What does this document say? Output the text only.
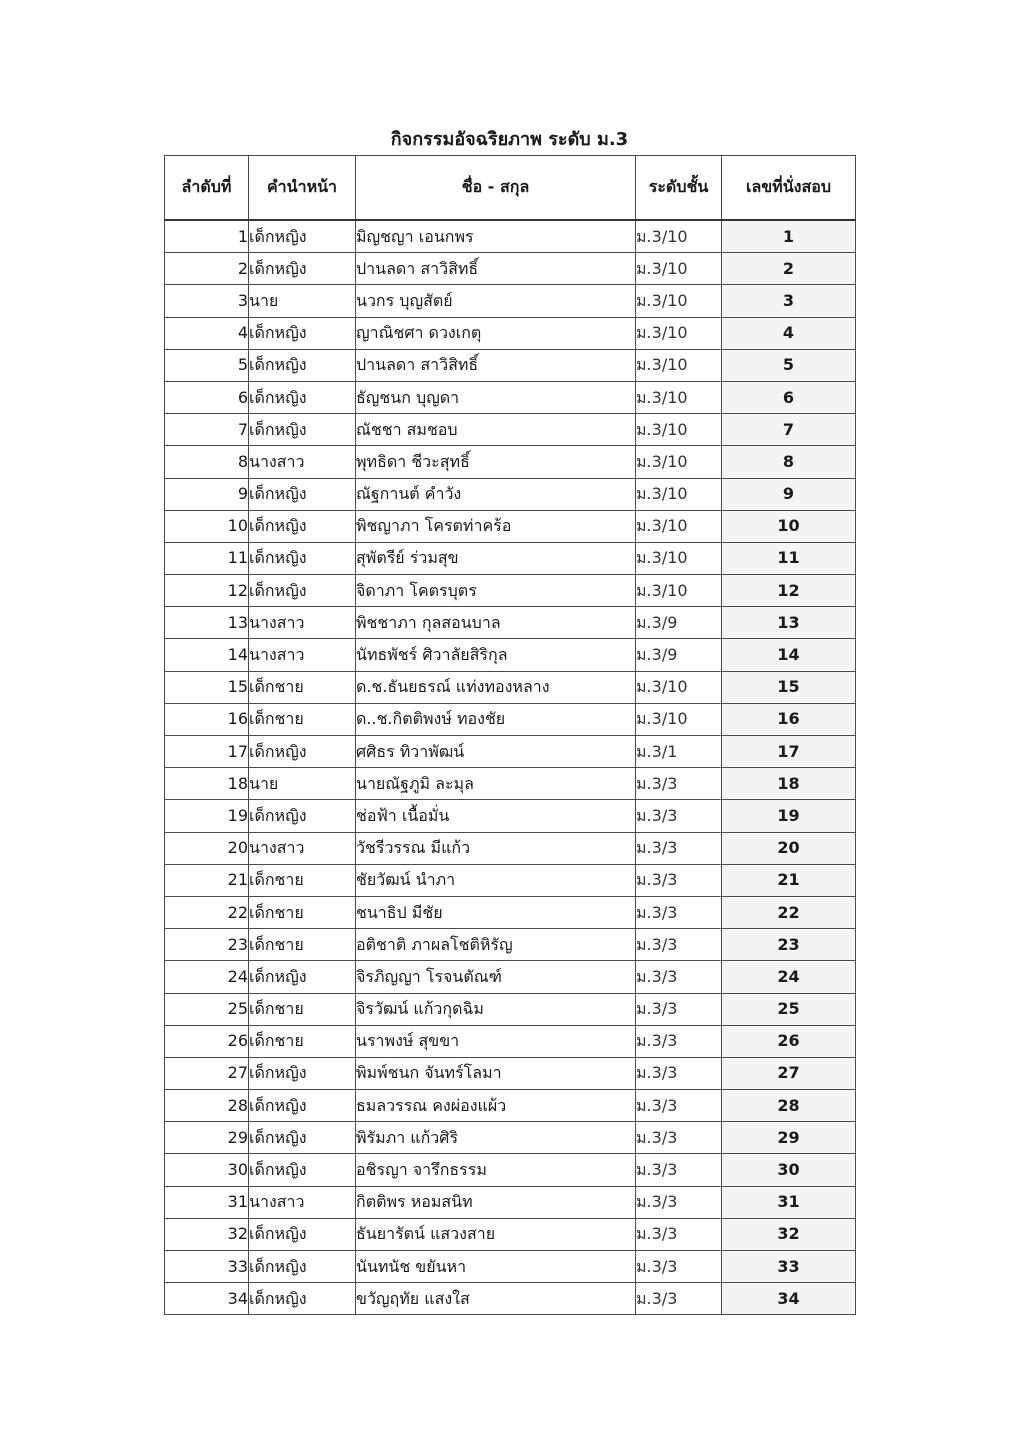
กิจกรรมอัจฉริยภาพ ระดับ ม.3
ลำดับที่	คำนำหน้า	ชื่อ - สกุล	ระดับชั้น	เลขที่นั่งสอบ
1	เด็กหญิง	มิญชญา เอนกพร	ม.3/10	1
2	เด็กหญิง	ปานลดา สาวิสิทธิ์	ม.3/10	2
3	นาย	นวกร บุญสัตย์	ม.3/10	3
4	เด็กหญิง	ญาณิชศา ดวงเกตุ	ม.3/10	4
5	เด็กหญิง	ปานลดา สาวิสิทธิ์	ม.3/10	5
6	เด็กหญิง	ธัญชนก บุญดา	ม.3/10	6
7	เด็กหญิง	ณัชชา สมชอบ	ม.3/10	7
8	นางสาว	พุทธิดา ชีวะสุทธิ์	ม.3/10	8
9	เด็กหญิง	ณัฐกานต์ คำวัง	ม.3/10	9
10	เด็กหญิง	พิชญาภา โครตท่าคร้อ	ม.3/10	10
11	เด็กหญิง	สุพัตรีย์ ร่วมสุข	ม.3/10	11
12	เด็กหญิง	จิดาภา โคตรบุตร	ม.3/10	12
13	นางสาว	พิชชาภา กุลสอนบาล	ม.3/9	13
14	นางสาว	นัทธพัชร์ ศิวาลัยสิริกุล	ม.3/9	14
15	เด็กชาย	ด.ช.ธันยธรณ์ แท่งทองหลาง	ม.3/10	15
16	เด็กชาย	ด..ช.กิตติพงษ์ ทองชัย	ม.3/10	16
17	เด็กหญิง	ศศิธร ทิวาพัฒน์	ม.3/1	17
18	นาย	นายณัฐภูมิ ละมุล	ม.3/3	18
19	เด็กหญิง	ช่อฟ้า เนื้อมั่น	ม.3/3	19
20	นางสาว	วัชรีวรรณ มีแก้ว	ม.3/3	20
21	เด็กชาย	ชัยวัฒน์ นำภา	ม.3/3	21
22	เด็กชาย	ชนาธิป มีชัย	ม.3/3	22
23	เด็กชาย	อติชาติ ภาผลโชติหิรัญ	ม.3/3	23
24	เด็กหญิง	จิรภิญญา โรจนตัณฑ์	ม.3/3	24
25	เด็กชาย	จิรวัฒน์ แก้วกุดฉิม	ม.3/3	25
26	เด็กชาย	นราพงษ์ สุขขา	ม.3/3	26
27	เด็กหญิง	พิมพ์ชนก จันทร์โลมา	ม.3/3	27
28	เด็กหญิง	ธมลวรรณ คงผ่องแผ้ว	ม.3/3	28
29	เด็กหญิง	พิรัมภา แก้วศิริ	ม.3/3	29
30	เด็กหญิง	อชิรญา จารึกธรรม	ม.3/3	30
31	นางสาว	กิตติพร หอมสนิท	ม.3/3	31
32	เด็กหญิง	ธันยารัตน์ แสวงสาย	ม.3/3	32
33	เด็กหญิง	นันทนัช ขยันหา	ม.3/3	33
34	เด็กหญิง	ขวัญฤทัย แสงใส	ม.3/3	34
